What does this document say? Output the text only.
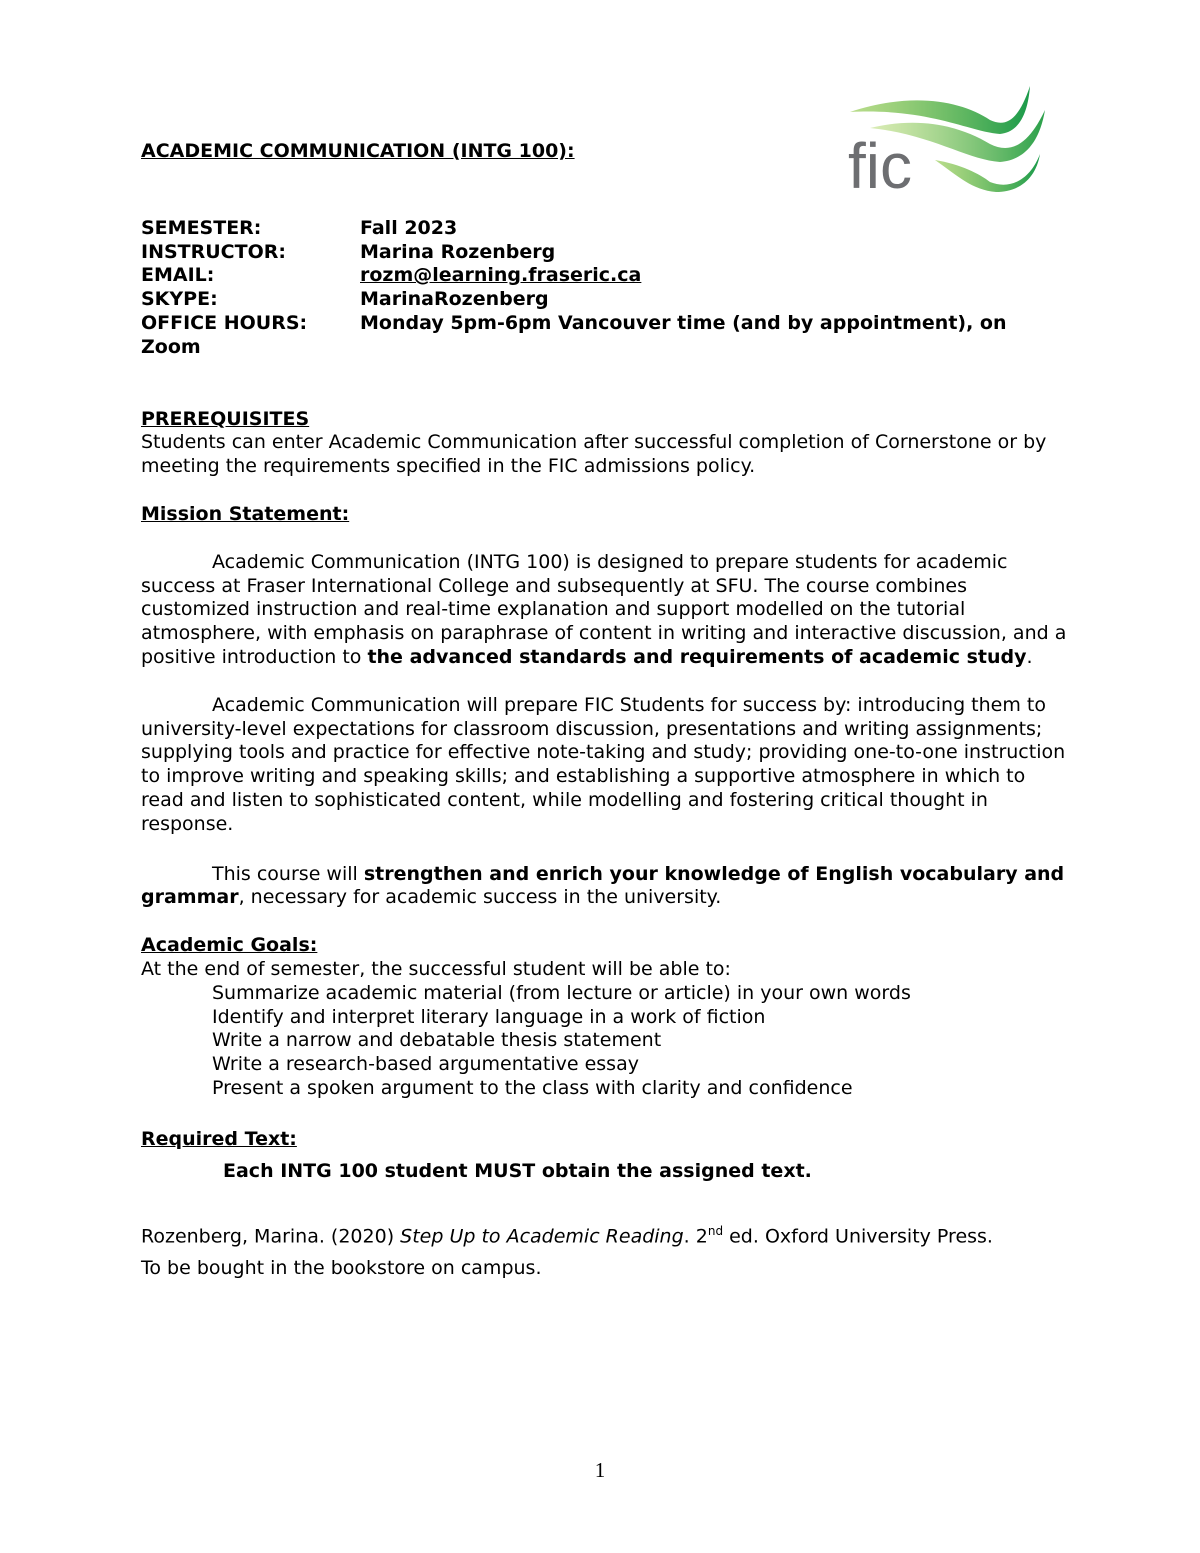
fic

ACADEMIC COMMUNICATION (INTG 100):

SEMESTER:	Fall 2023
INSTRUCTOR:	Marina Rozenberg
EMAIL:	rozm@learning.fraseric.ca
SKYPE:	MarinaRozenberg
OFFICE HOURS:	Monday 5pm-6pm Vancouver time (and by appointment), on
Zoom
PREREQUISITES

Students can enter Academic Communication after successful completion of Cornerstone or by meeting the requirements specified in the FIC admissions policy.

Mission Statement:

Academic Communication (INTG 100) is designed to prepare students for academic success at Fraser International College and subsequently at SFU. The course combines customized instruction and real-time explanation and support modelled on the tutorial atmosphere, with emphasis on paraphrase of content in writing and interactive discussion, and a positive introduction to the advanced standards and requirements of academic study.

Academic Communication will prepare FIC Students for success by: introducing them to university-level expectations for classroom discussion, presentations and writing assignments; supplying tools and practice for effective note-taking and study; providing one-to-one instruction to improve writing and speaking skills; and establishing a supportive atmosphere in which to read and listen to sophisticated content, while modelling and fostering critical thought in response.

This course will strengthen and enrich your knowledge of English vocabulary and grammar, necessary for academic success in the university.

Academic Goals:
At the end of semester, the successful student will be able to:
Summarize academic material (from lecture or article) in your own words
Identify and interpret literary language in a work of fiction
Write a narrow and debatable thesis statement
Write a research-based argumentative essay
Present a spoken argument to the class with clarity and confidence
Required Text:
Each INTG 100 student MUST obtain the assigned text.
Rozenberg, Marina. (2020) Step Up to Academic Reading. 2nd ed. Oxford University Press.
To be bought in the bookstore on campus.
1
